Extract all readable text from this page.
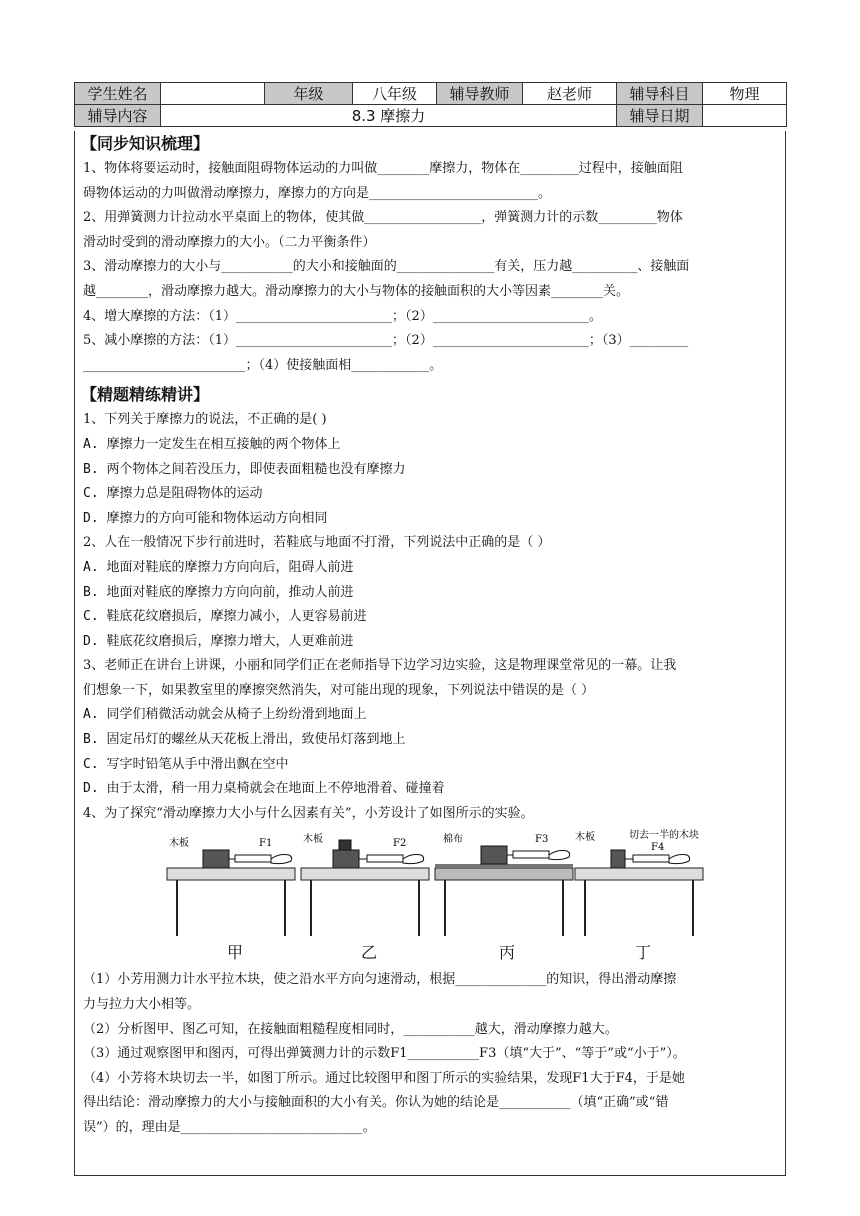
学生姓名		年级	八年级	辅导教师	赵老师	辅导科目	物理
辅导内容	8.3 摩擦力					辅导日期	
【同步知识梳理】
1、物体将要运动时，接触面阻碍物体运动的力叫做________摩擦力，物体在_________过程中，接触面阻
碍物体运动的力叫做滑动摩擦力，摩擦力的方向是__________________________。
2、用弹簧测力计拉动水平桌面上的物体，使其做__________________，弹簧测力计的示数_________物体
滑动时受到的滑动摩擦力的大小。（二力平衡条件）
3、滑动摩擦力的大小与___________的大小和接触面的_______________有关，压力越__________、接触面
越________，滑动摩擦力越大。滑动摩擦力的大小与物体的接触面积的大小等因素________关。
4、增大摩擦的方法：（1）________________________；（2）________________________。
5、减小摩擦的方法：（1）________________________；（2）________________________；（3）_________
_________________________；（4）使接触面相____________。
【精题精练精讲】
1、下列关于摩擦力的说法，不正确的是( )
A. 摩擦力一定发生在相互接触的两个物体上
B. 两个物体之间若没压力，即使表面粗糙也没有摩擦力
C. 摩擦力总是阻碍物体的运动
D. 摩擦力的方向可能和物体运动方向相同
2、人在一般情况下步行前进时，若鞋底与地面不打滑，下列说法中正确的是（ ）
A. 地面对鞋底的摩擦力方向向后，阻碍人前进
B. 地面对鞋底的摩擦力方向向前，推动人前进
C. 鞋底花纹磨损后，摩擦力减小，人更容易前进
D. 鞋底花纹磨损后，摩擦力增大，人更难前进
3、老师正在讲台上讲课，小丽和同学们正在老师指导下边学习边实验，这是物理课堂常见的一幕。让我
们想象一下，如果教室里的摩擦突然消失，对可能出现的现象，下列说法中错误的是（ ）
A. 同学们稍微活动就会从椅子上纷纷滑到地面上
B. 固定吊灯的螺丝从天花板上滑出，致使吊灯落到地上
C. 写字时铅笔从手中滑出飘在空中
D. 由于太滑，稍一用力桌椅就会在地面上不停地滑着、碰撞着
4、为了探究“滑动摩擦力大小与什么因素有关”，小芳设计了如图所示的实验。
木板	F1
甲
木板	F2
乙
棉布	F3
丙
木板	切去一半的木块
F4
丁
（1）小芳用测力计水平拉木块，使之沿水平方向匀速滑动，根据______________的知识，得出滑动摩擦
力与拉力大小相等。
（2）分析图甲、图乙可知，在接触面粗糙程度相同时，___________越大，滑动摩擦力越大。
（3）通过观察图甲和图丙，可得出弹簧测力计的示数F1___________F3（填“大于”、“等于”或“小于”）。
（4）小芳将木块切去一半，如图丁所示。通过比较图甲和图丁所示的实验结果，发现F1大于F4，于是她
得出结论：滑动摩擦力的大小与接触面积的大小有关。你认为她的结论是___________（填“正确”或“错
误”）的，理由是____________________________。
